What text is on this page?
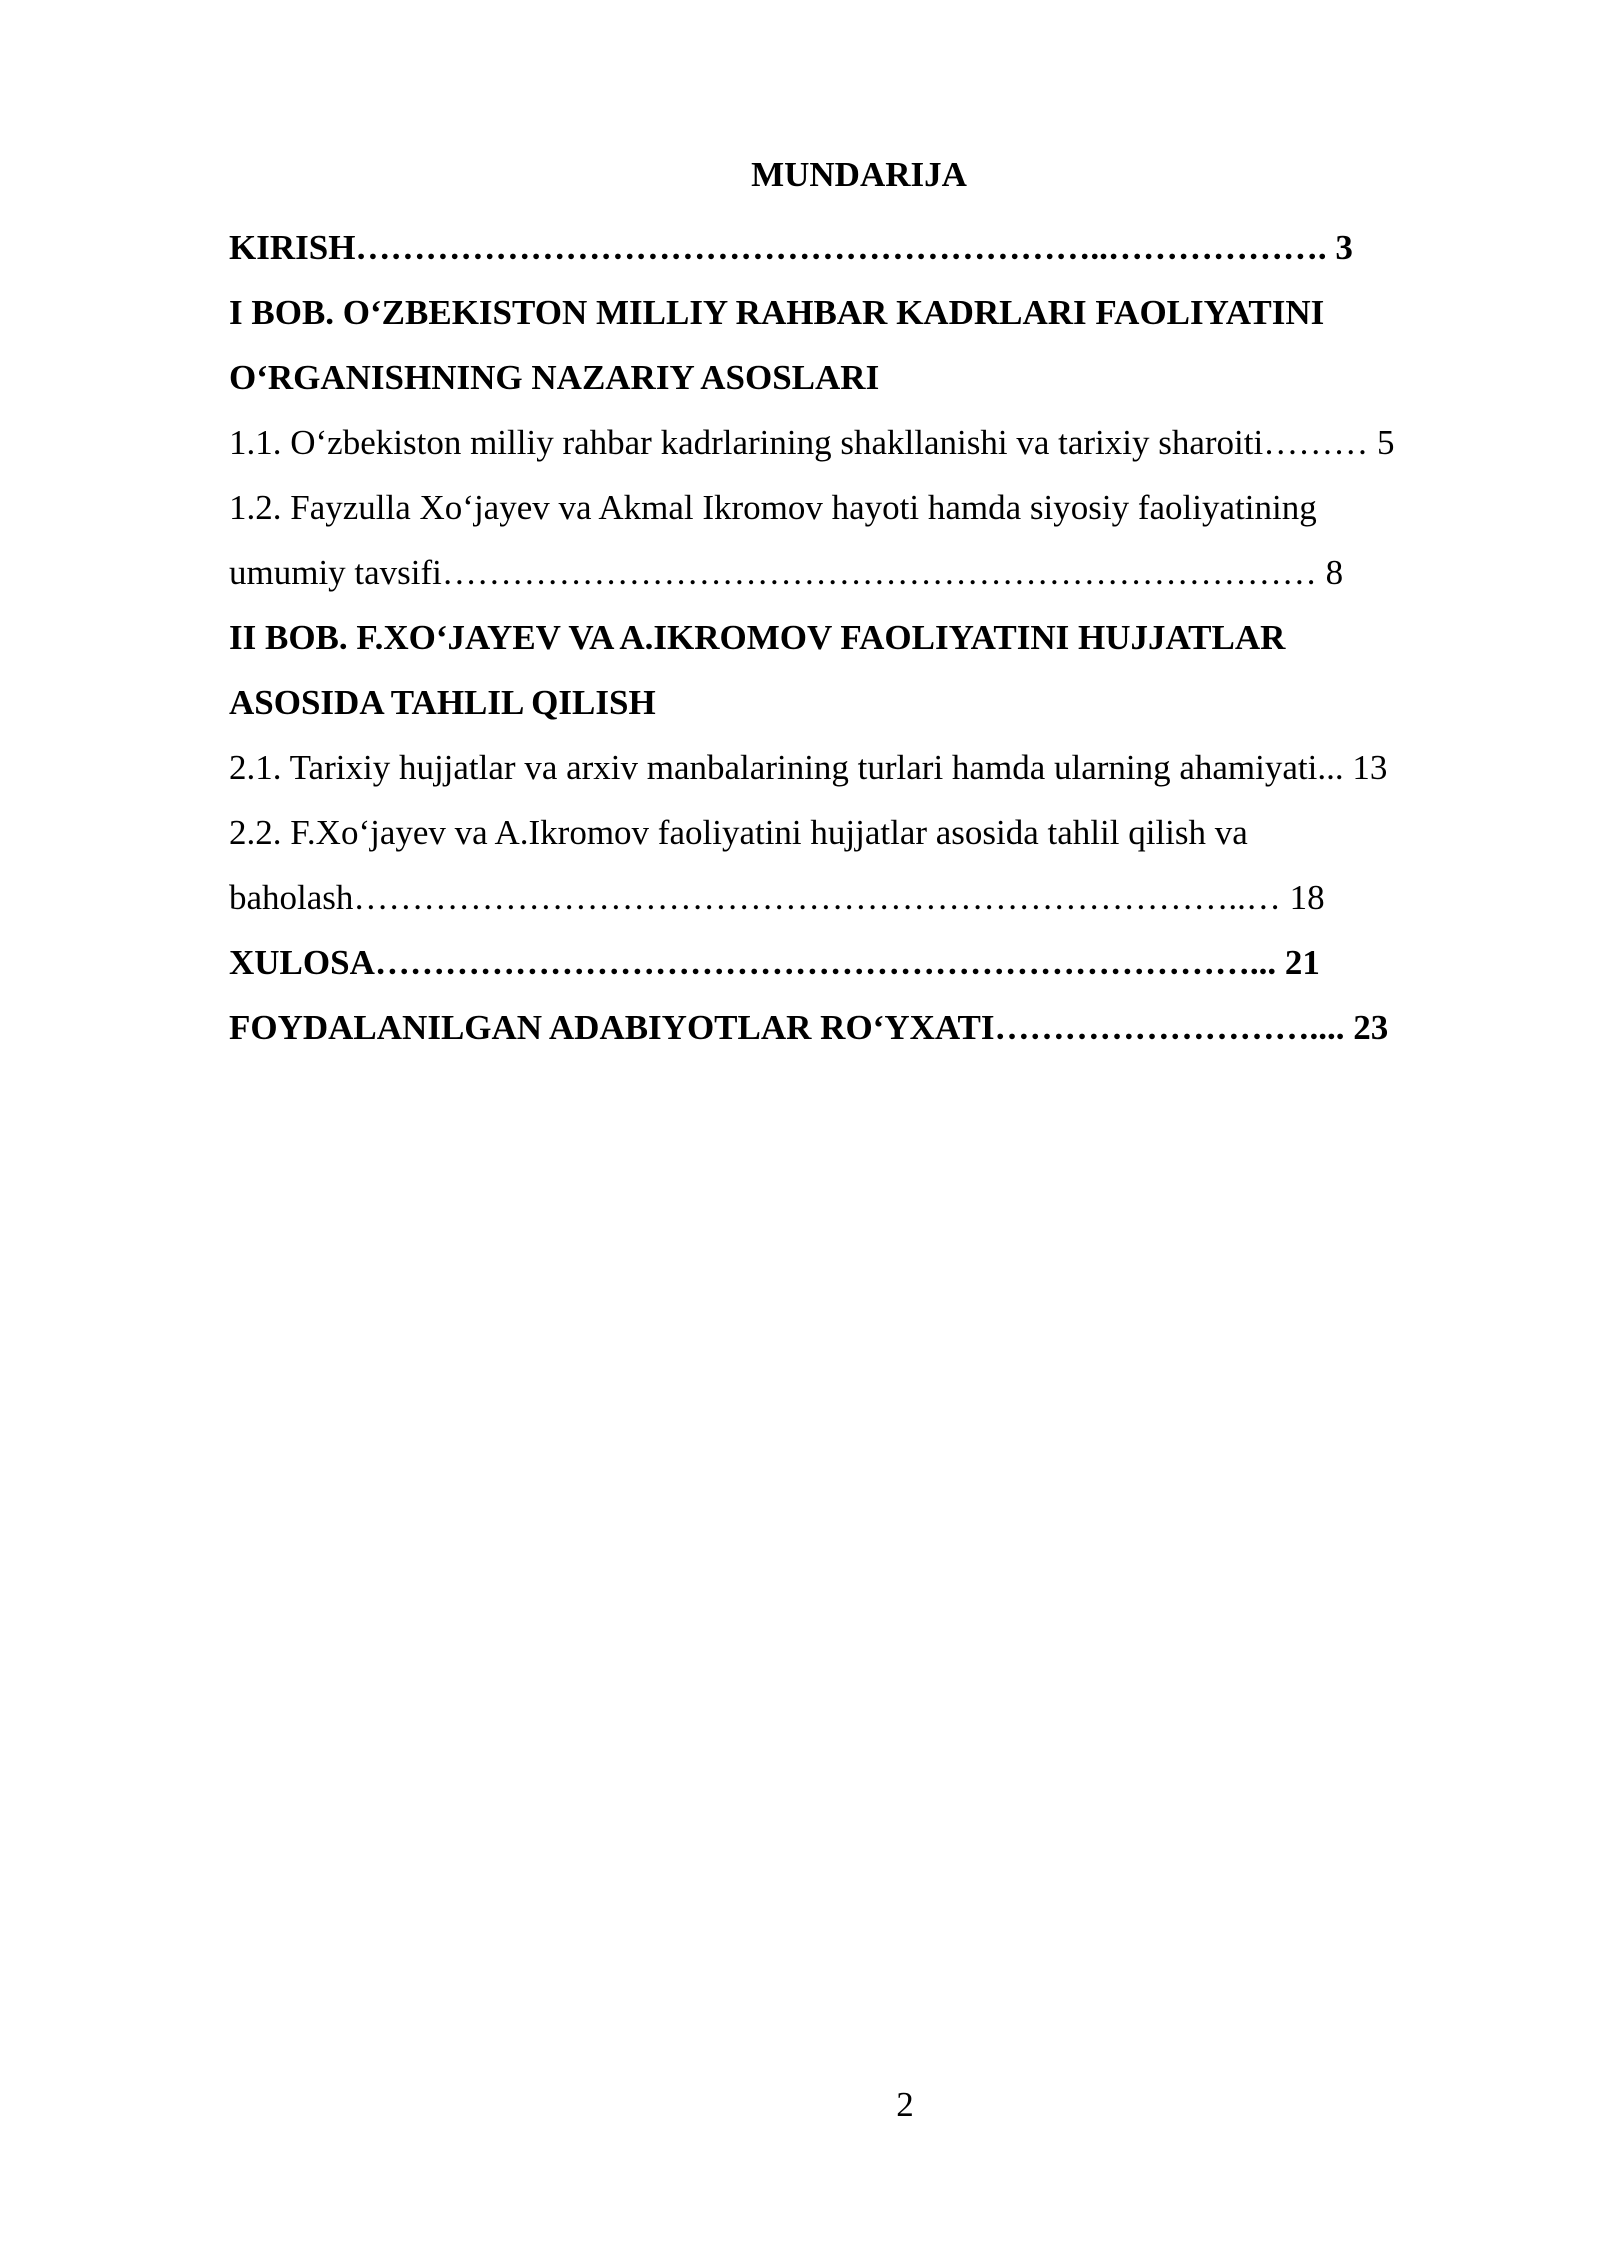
MUNDARIJA
KIRISH………………………………………………………..………………. 3
I BOB. O‘ZBEKISTON MILLIY RAHBAR KADRLARI FAOLIYATINI
O‘RGANISHNING NAZARIY ASOSLARI
1.1. O‘zbekiston milliy rahbar kadrlarining shakllanishi va tarixiy sharoiti……… 5
1.2. Fayzulla Xo‘jayev va Akmal Ikromov hayoti hamda siyosiy faoliyatining
umumiy tavsifi………………………………………………………………… 8
II BOB. F.XO‘JAYEV VA A.IKROMOV FAOLIYATINI HUJJATLAR
ASOSIDA TAHLIL QILISH
2.1. Tarixiy hujjatlar va arxiv manbalarining turlari hamda ularning ahamiyati... 13
2.2. F.Xo‘jayev va A.Ikromov faoliyatini hujjatlar asosida tahlil qilish va
baholash…………………………………………………………………..… 18
XULOSA…………………………………………………………………... 21
FOYDALANILGAN ADABIYOTLAR RO‘YXATI……………………….... 23
2
